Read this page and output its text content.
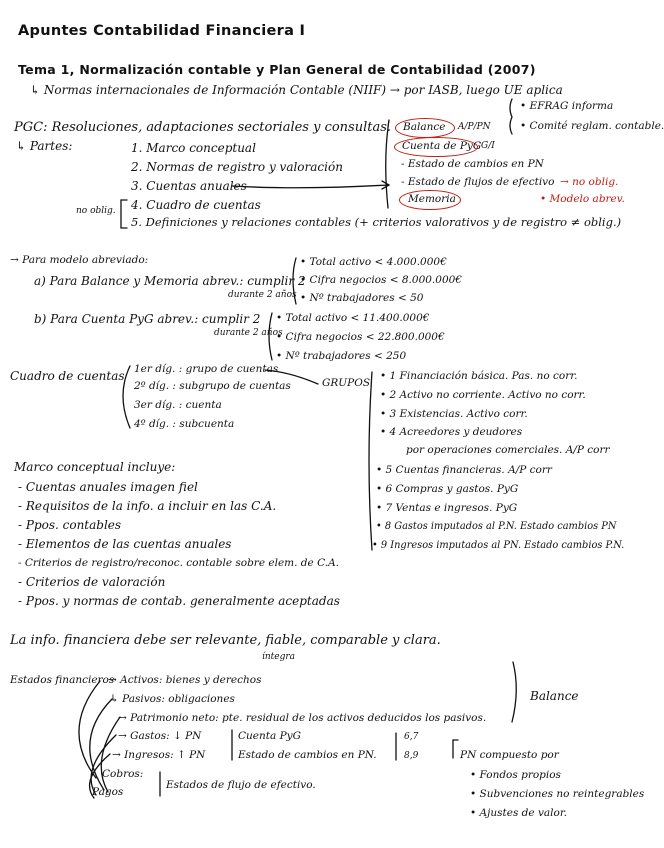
Apuntes Contabilidad Financiera I
Tema 1, Normalización contable y Plan General de Contabilidad (2007)
↳ Normas internacionales de Información Contable (NIIF) → por IASB, luego UE aplica
• EFRAG informa
• Comité reglam. contable.
PGC: Resoluciones, adaptaciones sectoriales y consultas.
↳ Partes:	1. Marco conceptual
2. Normas de registro y valoración
3. Cuentas anuales
4. Cuadro de cuentas
5. Definiciones y relaciones contables (+ criterios valorativos y de registro ≠ oblig.)
no oblig.
Balance A/P/PN
Cuenta de PyG G/I
- Estado de cambios en PN
- Estado de flujos de efectivo → no oblig.
Memoria	• Modelo abrev.
→ Para modelo abreviado:
a) Para Balance y Memoria abrev.: cumplir 2
durante 2 años
• Total activo < 4.000.000€
• Cifra negocios < 8.000.000€
• Nº trabajadores < 50
b) Para Cuenta PyG abrev.: cumplir 2
durante 2 años
• Total activo < 11.400.000€
• Cifra negocios < 22.800.000€
• Nº trabajadores < 250
Cuadro de cuentas 1er díg. : grupo de cuentas
2º díg. : subgrupo de cuentas
3er díg. : cuenta
4º díg. : subcuenta
GRUPOS
• 1 Financiación básica. Pas. no corr.
• 2 Activo no corriente. Activo no corr.
• 3 Existencias. Activo corr.
• 4 Acreedores y deudores
por operaciones comerciales. A/P corr
• 5 Cuentas financieras. A/P corr
• 6 Compras y gastos. PyG
• 7 Ventas e ingresos. PyG
• 8 Gastos imputados al P.N. Estado cambios PN
• 9 Ingresos imputados al PN. Estado cambios P.N.
Marco conceptual incluye:
- Cuentas anuales imagen fiel
- Requisitos de la info. a incluir en las C.A.
- Ppos. contables
- Elementos de las cuentas anuales
- Criterios de registro/reconoc. contable sobre elem. de C.A.
- Criterios de valoración
- Ppos. y normas de contab. generalmente aceptadas
La info. financiera debe ser relevante, fiable, comparable y clara.
íntegra
Estados financieros
→ Activos: bienes y derechos
↳ Pasivos: obligaciones
→ Patrimonio neto: pte. residual de los activos deducidos los pasivos.
→ Gastos: ↓ PN
→ Ingresos: ↑ PN
Balance
Cuenta PyG
Estado de cambios en PN.
6,7
8,9
Cobros:
Pagos
Estados de flujo de efectivo.
PN compuesto por
• Fondos propios
• Subvenciones no reintegrables
• Ajustes de valor.
